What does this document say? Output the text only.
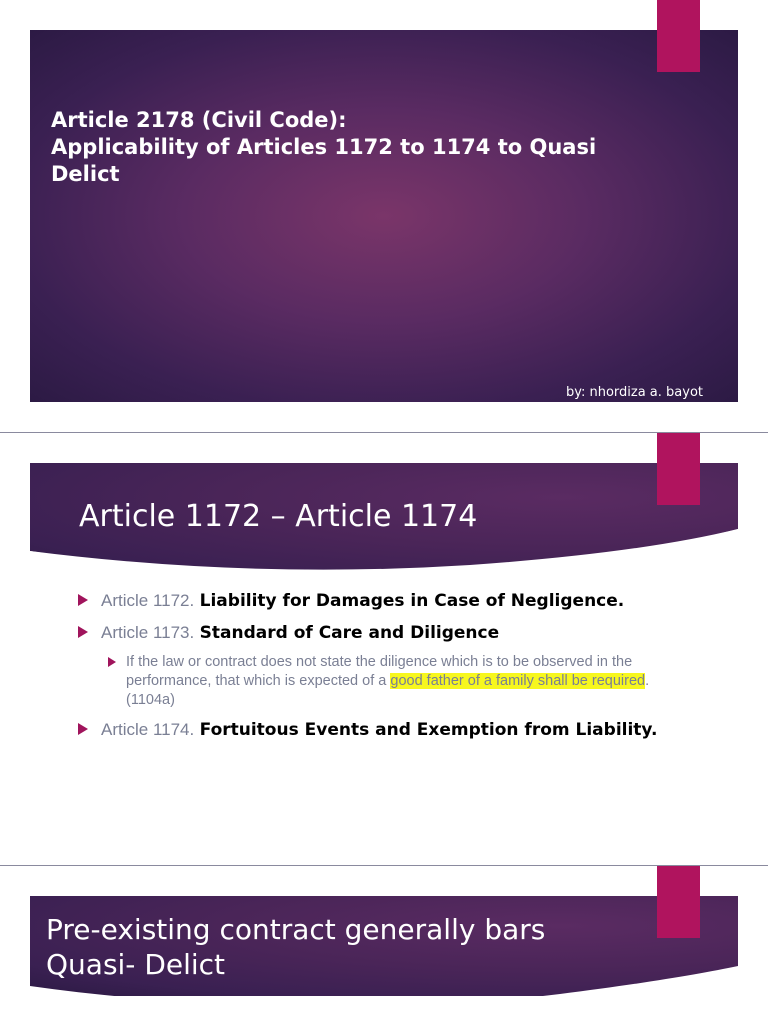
Article 2178 (Civil Code):
Applicability of Articles 1172 to 1174 to Quasi
Delict
by: nhordiza a. bayot
Article 1172 – Article 1174
Article 1172. Liability for Damages in Case of Negligence.
Article 1173. Standard of Care and Diligence
If the law or contract does not state the diligence which is to be observed in the performance, that which is expected of a good father of a family shall be required. (1104a)
Article 1174. Fortuitous Events and Exemption from Liability.
Pre-existing contract generally bars
Quasi- Delict
